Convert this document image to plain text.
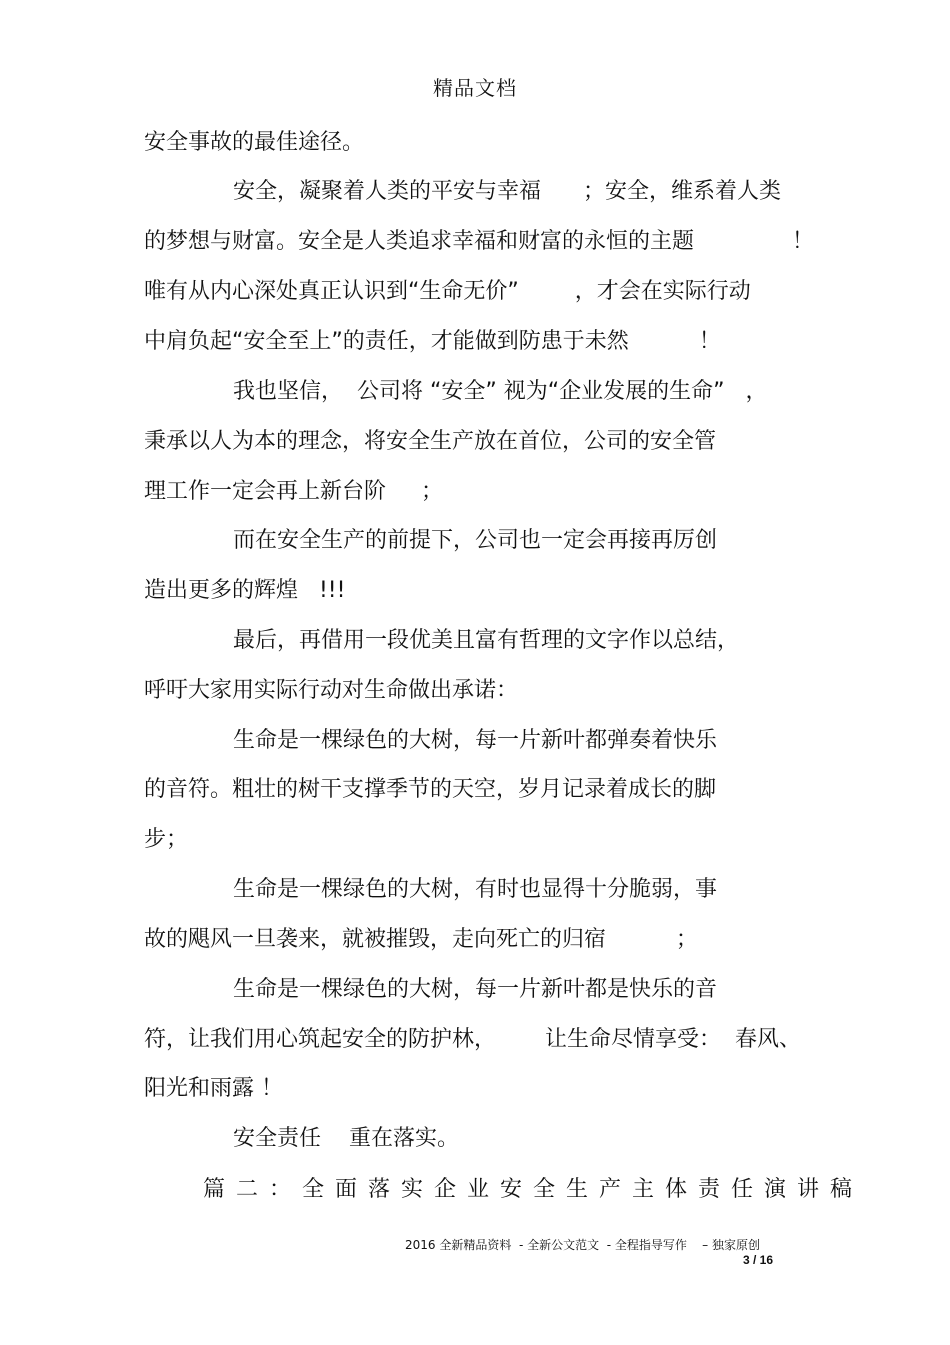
精品文档
安全事故的最佳途径。
安全，凝聚着人类的平安与幸福      ；安全，维系着人类
的梦想与财富。安全是人类追求幸福和财富的永恒的主题              ！
唯有从内心深处真正认识到“生命无价”        ，才会在实际行动
中肩负起“安全至上”的责任，才能做到防患于未然          ！
我也坚信，  公司将 “安全” 视为“企业发展的生命”   ，
秉承以人为本的理念，将安全生产放在首位，公司的安全管
理工作一定会再上新台阶     ；
而在安全生产的前提下，公司也一定会再接再厉创
造出更多的辉煌   !!!
最后，再借用一段优美且富有哲理的文字作以总结，
呼吁大家用实际行动对生命做出承诺：
生命是一棵绿色的大树，每一片新叶都弹奏着快乐
的音符。粗壮的树干支撑季节的天空，岁月记录着成长的脚
步；
生命是一棵绿色的大树，有时也显得十分脆弱，事
故的飓风一旦袭来，就被摧毁，走向死亡的归宿          ；
生命是一棵绿色的大树，每一片新叶都是快乐的音
符，让我们用心筑起安全的防护林，       让生命尽情享受：  春风、
阳光和雨露 ！
安全责任    重在落实。
篇二：全面落实企业安全生产主体责任演讲稿
2016 全新精品资料  - 全新公文范文  - 全程指导写作    – 独家原创
3 / 16
